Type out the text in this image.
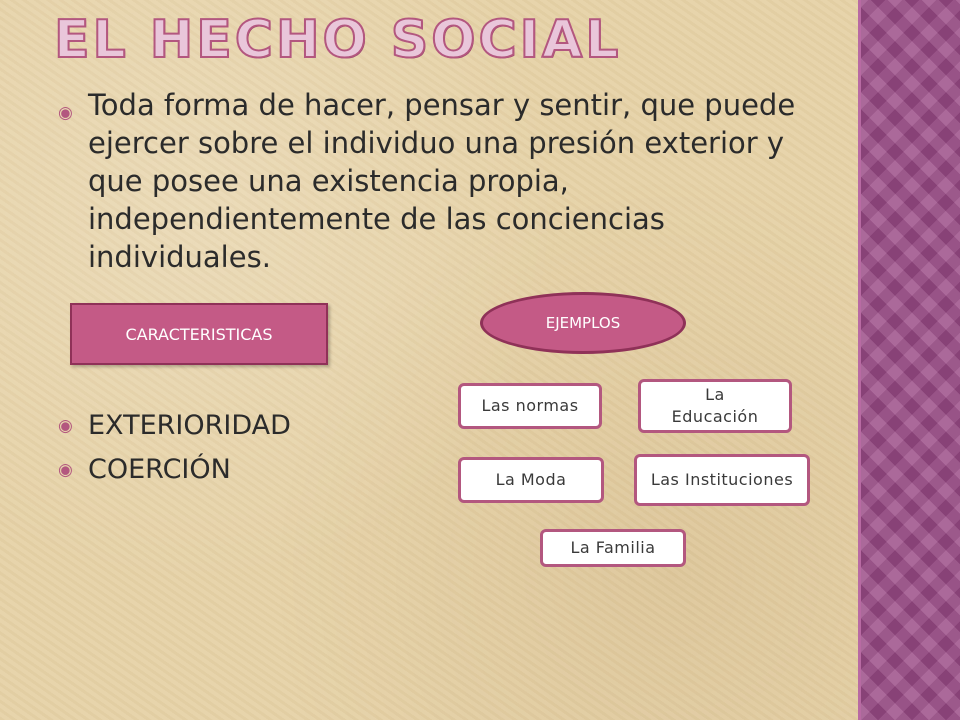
EL HECHO SOCIAL
◉ Toda forma de hacer, pensar y sentir, que puede ejercer sobre el individuo una presión exterior y que posee una existencia propia, independientemente de las conciencias individuales.
CARACTERISTICAS
EJEMPLOS
◉ EXTERIORIDAD
◉ COERCIÓN
Las normas
La Educación
La Moda	Las Instituciones
La Familia
